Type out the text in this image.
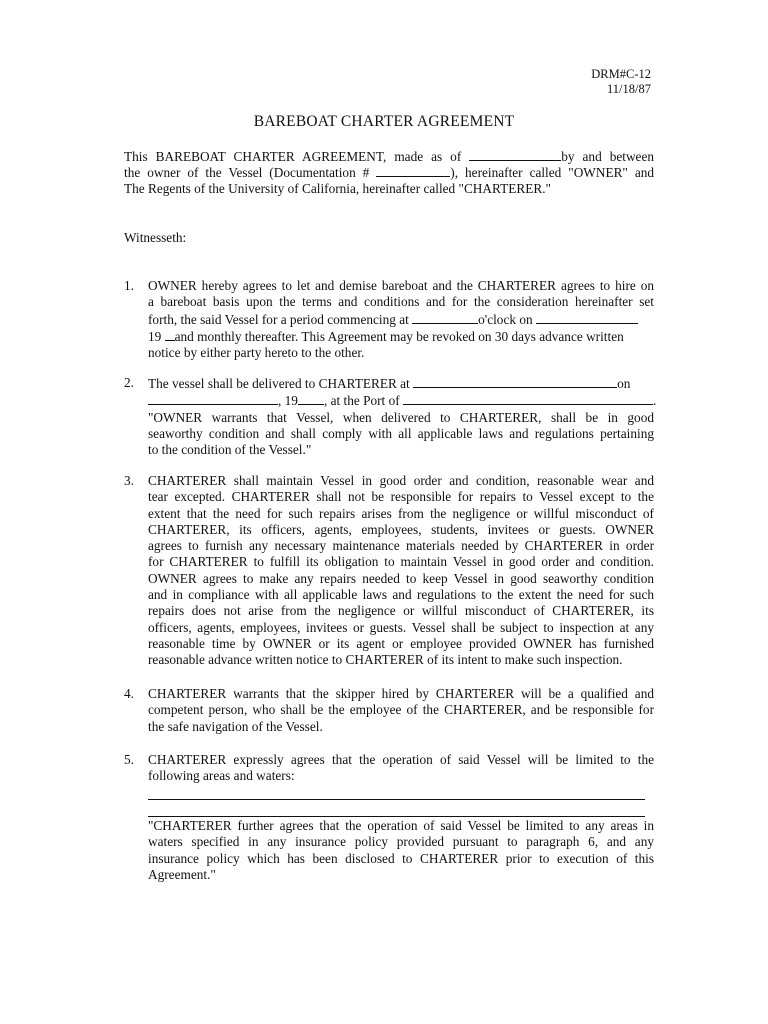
DRM#C-12
11/18/87
BAREBOAT CHARTER AGREEMENT
This BAREBOAT CHARTER AGREEMENT, made as of	by and between
the owner of the Vessel (Documentation #	), hereinafter called "OWNER" and
The Regents of the University of California, hereinafter called "CHARTERER."
Witnesseth:
1. OWNER hereby agrees to let and demise bareboat and the CHARTERER agrees to hire on
a bareboat basis upon the terms and conditions and for the consideration hereinafter set
forth, the said Vessel for a period commencing at	o'clock on
19 and monthly thereafter. This Agreement may be revoked on 30 days advance written
notice by either party hereto to the other.
2. The vessel shall be delivered to CHARTERER at	on
, 19 , at the Port of	.
"OWNER warrants that Vessel, when delivered to CHARTERER, shall be in good
seaworthy condition and shall comply with all applicable laws and regulations pertaining
to the condition of the Vessel."
3. CHARTERER shall maintain Vessel in good order and condition, reasonable wear and
tear excepted. CHARTERER shall not be responsible for repairs to Vessel except to the
extent that the need for such repairs arises from the negligence or willful misconduct of
CHARTERER, its officers, agents, employees, students, invitees or guests. OWNER
agrees to furnish any necessary maintenance materials needed by CHARTERER in order
for CHARTERER to fulfill its obligation to maintain Vessel in good order and condition.
OWNER agrees to make any repairs needed to keep Vessel in good seaworthy condition
and in compliance with all applicable laws and regulations to the extent the need for such
repairs does not arise from the negligence or willful misconduct of CHARTERER, its
officers, agents, employees, invitees or guests. Vessel shall be subject to inspection at any
reasonable time by OWNER or its agent or employee provided OWNER has furnished
reasonable advance written notice to CHARTERER of its intent to make such inspection.
4. CHARTERER warrants that the skipper hired by CHARTERER will be a qualified and
competent person, who shall be the employee of the CHARTERER, and be responsible for
the safe navigation of the Vessel.
5. CHARTERER expressly agrees that the operation of said Vessel will be limited to the
following areas and waters:
"CHARTERER further agrees that the operation of said Vessel be limited to any areas in
waters specified in any insurance policy provided pursuant to paragraph 6, and any
insurance policy which has been disclosed to CHARTERER prior to execution of this
Agreement."
